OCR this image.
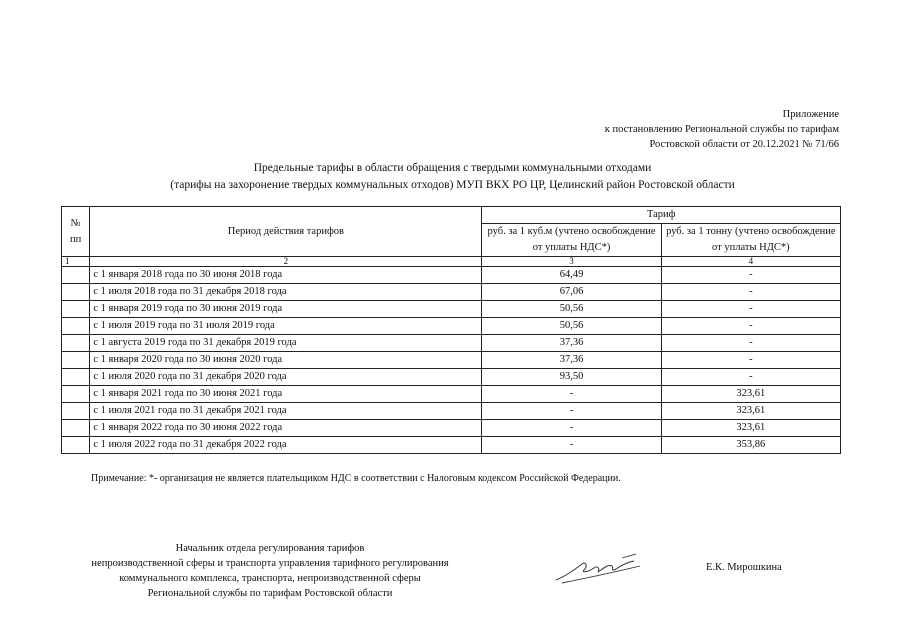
Приложение
к постановлению Региональной службы по тарифам
Ростовской области от 20.12.2021 № 71/66
Предельные тарифы в области обращения с твердыми коммунальными отходами
(тарифы на захоронение твердых коммунальных отходов) МУП ВКХ РО ЦР, Целинский район Ростовской области
№ пп	Период действия тарифов	Тариф	
		руб. за 1 куб.м (учтено освобождение от уплаты НДС*)	руб. за 1 тонну (учтено освобождение от уплаты НДС*)
1	2	3	4
	с 1 января 2018 года по 30 июня 2018 года	64,49	-
	с 1 июля 2018 года по 31 декабря 2018 года	67,06	-
	с 1 января 2019 года по 30 июня 2019 года	50,56	-
	с 1 июля 2019 года по 31 июля 2019 года	50,56	-
	с 1 августа 2019 года по 31 декабря 2019 года	37,36	-
	с 1 января 2020 года по 30 июня 2020 года	37,36	-
	с 1 июля 2020 года по 31 декабря 2020 года	93,50	-
	с 1 января 2021 года по 30 июня 2021 года	-	323,61
	с 1 июля 2021 года по 31 декабря 2021 года	-	323,61
	с 1 января 2022 года по 30 июня 2022 года	-	323,61
	с 1 июля 2022 года по 31 декабря 2022 года	-	353,86
Примечание: *- организация не является плательщиком НДС в соответствии с Налоговым кодексом Российской Федерации.
Начальник отдела регулирования тарифов
непроизводственной сферы и транспорта управления тарифного регулирования
коммунального комплекса, транспорта, непроизводственной сферы
Региональной службы по тарифам Ростовской области
Е.К. Мирошкина
